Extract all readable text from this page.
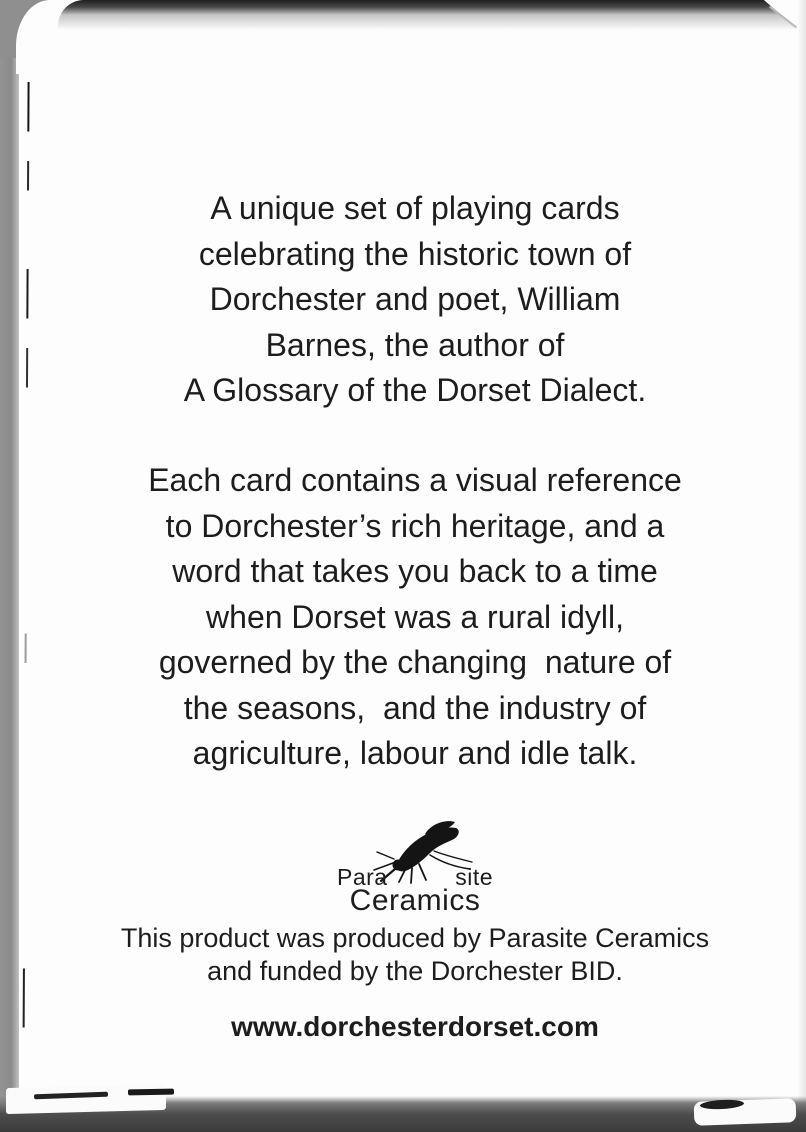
A unique set of playing cards
celebrating the historic town of
Dorchester and poet, William
Barnes, the author of
A Glossary of the Dorset Dialect.
Each card contains a visual reference
to Dorchester’s rich heritage, and a
word that takes you back to a time
when Dorset was a rural idyll,
governed by the changing  nature of
the seasons,  and the industry of
agriculture, labour and idle talk.
Para	site
Ceramics
This product was produced by Parasite Ceramics
and funded by the Dorchester BID.
www.dorchesterdorset.com
